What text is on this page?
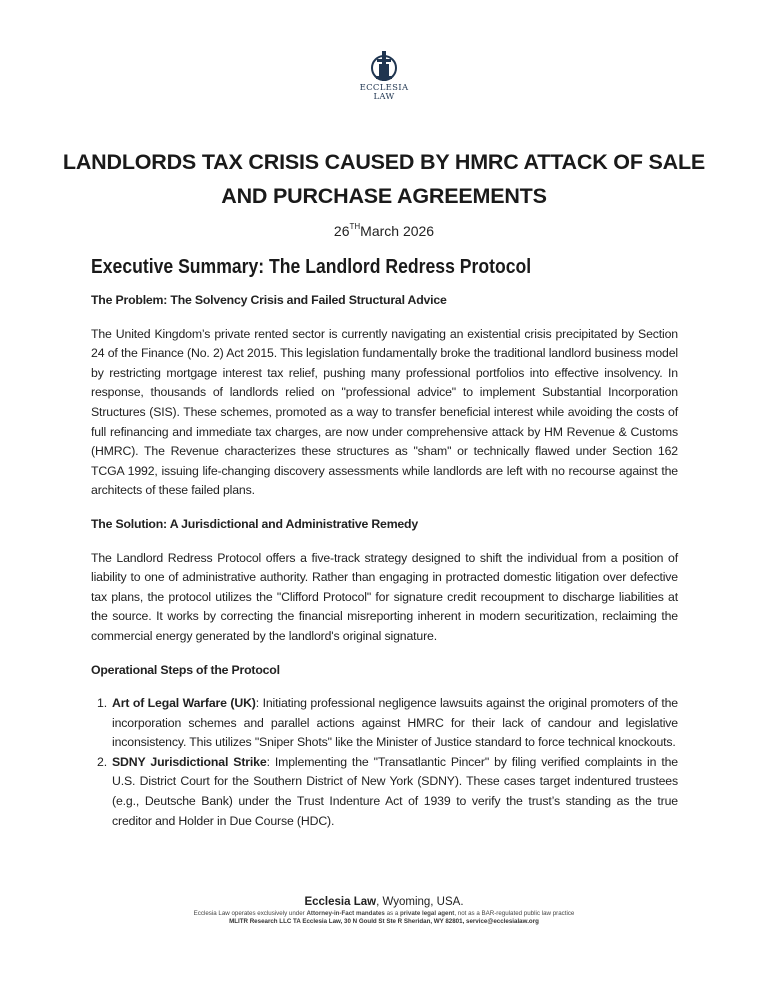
ECCLESIA
LAW
LANDLORDS TAX CRISIS CAUSED BY HMRC ATTACK OF SALE AND PURCHASE AGREEMENTS
26THMarch 2026
Executive Summary: The Landlord Redress Protocol
The Problem: The Solvency Crisis and Failed Structural Advice
The United Kingdom’s private rented sector is currently navigating an existential crisis precipitated by Section 24 of the Finance (No. 2) Act 2015. This legislation fundamentally broke the traditional landlord business model by restricting mortgage interest tax relief, pushing many professional portfolios into effective insolvency. In response, thousands of landlords relied on "professional advice" to implement Substantial Incorporation Structures (SIS). These schemes, promoted as a way to transfer beneficial interest while avoiding the costs of full refinancing and immediate tax charges, are now under comprehensive attack by HM Revenue & Customs (HMRC). The Revenue characterizes these structures as "sham" or technically flawed under Section 162 TCGA 1992, issuing life-changing discovery assessments while landlords are left with no recourse against the architects of these failed plans.
The Solution: A Jurisdictional and Administrative Remedy
The Landlord Redress Protocol offers a five-track strategy designed to shift the individual from a position of liability to one of administrative authority. Rather than engaging in protracted domestic litigation over defective tax plans, the protocol utilizes the "Clifford Protocol" for signature credit recoupment to discharge liabilities at the source. It works by correcting the financial misreporting inherent in modern securitization, reclaiming the commercial energy generated by the landlord's original signature.
Operational Steps of the Protocol
1. Art of Legal Warfare (UK): Initiating professional negligence lawsuits against the original promoters of the incorporation schemes and parallel actions against HMRC for their lack of candour and legislative inconsistency. This utilizes "Sniper Shots" like the Minister of Justice standard to force technical knockouts.
2. SDNY Jurisdictional Strike: Implementing the "Transatlantic Pincer" by filing verified complaints in the U.S. District Court for the Southern District of New York (SDNY). These cases target indentured trustees (e.g., Deutsche Bank) under the Trust Indenture Act of 1939 to verify the trust’s standing as the true creditor and Holder in Due Course (HDC).
Ecclesia Law, Wyoming, USA.
Ecclesia Law operates exclusively under Attorney-in-Fact mandates as a private legal agent, not as a BAR-regulated public law practice
MLITR Research LLC TA Ecclesia Law, 30 N Gould St Ste R Sheridan, WY 82801, service@ecclesialaw.org
